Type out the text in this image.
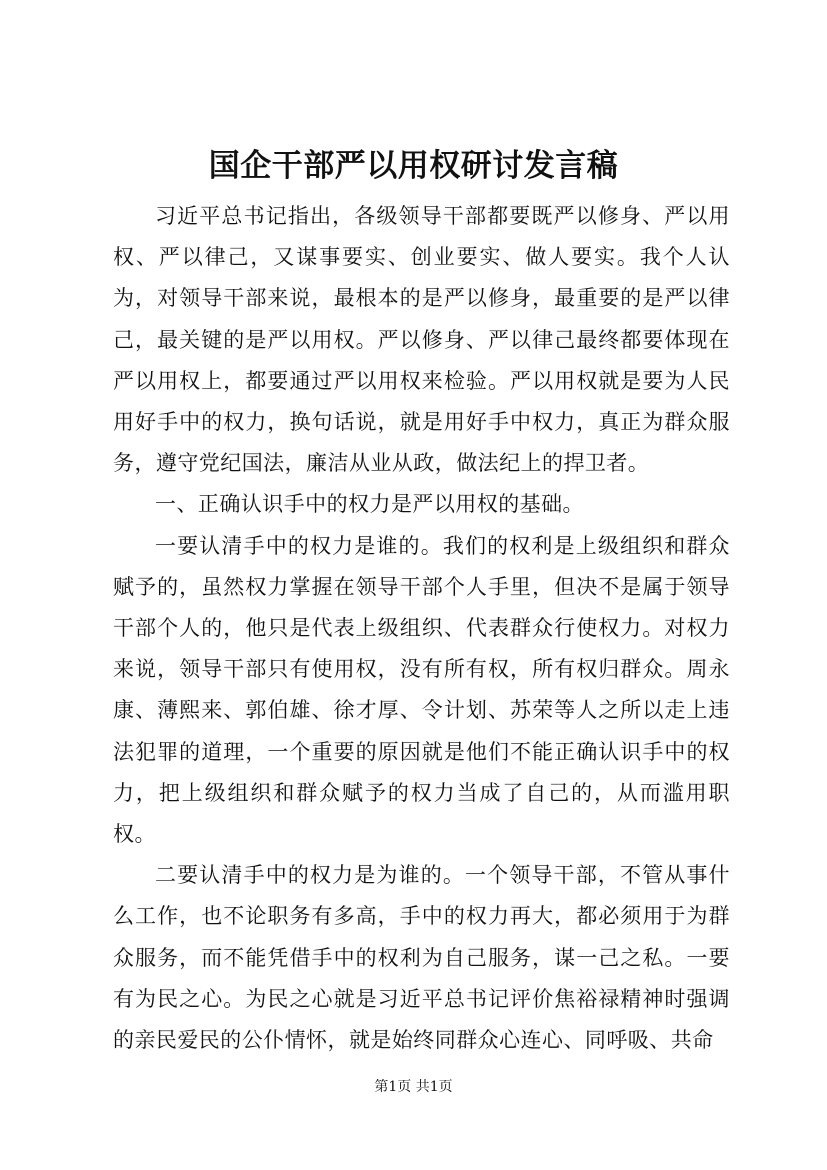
国企干部严以用权研讨发言稿

习近平总书记指出，各级领导干部都要既严以修身、严以用权、严以律己，又谋事要实、创业要实、做人要实。我个人认为，对领导干部来说，最根本的是严以修身，最重要的是严以律己，最关键的是严以用权。严以修身、严以律己最终都要体现在严以用权上，都要通过严以用权来检验。严以用权就是要为人民用好手中的权力，换句话说，就是用好手中权力，真正为群众服务，遵守党纪国法，廉洁从业从政，做法纪上的捍卫者。

一、正确认识手中的权力是严以用权的基础。

一要认清手中的权力是谁的。我们的权利是上级组织和群众赋予的，虽然权力掌握在领导干部个人手里，但决不是属于领导干部个人的，他只是代表上级组织、代表群众行使权力。对权力来说，领导干部只有使用权，没有所有权，所有权归群众。周永康、薄熙来、郭伯雄、徐才厚、令计划、苏荣等人之所以走上违法犯罪的道理，一个重要的原因就是他们不能正确认识手中的权力，把上级组织和群众赋予的权力当成了自己的，从而滥用职权。

二要认清手中的权力是为谁的。一个领导干部，不管从事什么工作，也不论职务有多高，手中的权力再大，都必须用于为群众服务，而不能凭借手中的权利为自己服务，谋一己之私。一要有为民之心。为民之心就是习近平总书记评价焦裕禄精神时强调的亲民爱民的公仆情怀，就是始终同群众心连心、同呼吸、共命

第1页 共1页
